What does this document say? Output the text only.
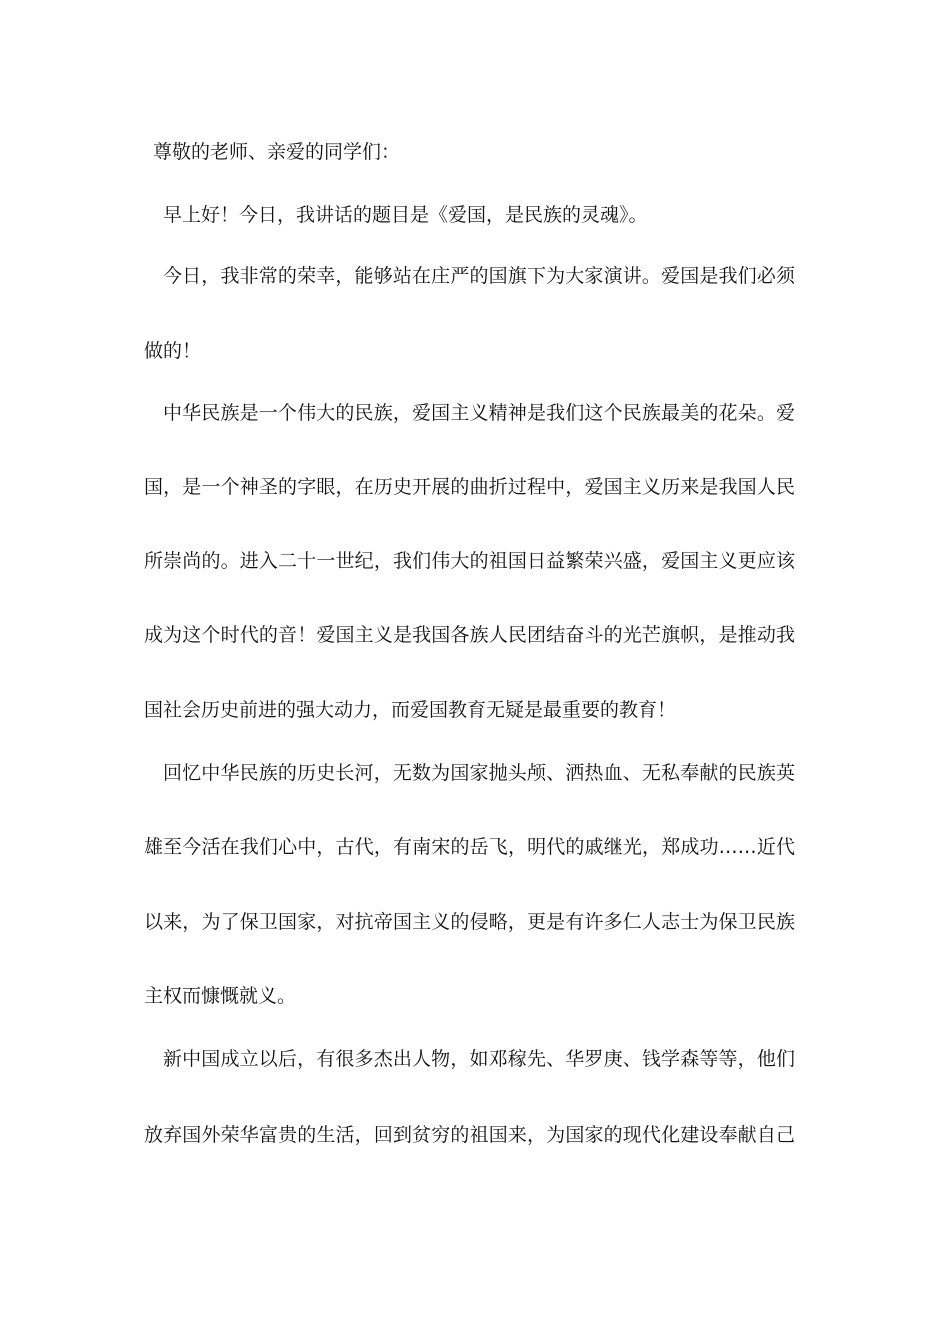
尊敬的老师、亲爱的同学们：
早上好！今日，我讲话的题目是《爱国，是民族的灵魂》。
今日，我非常的荣幸，能够站在庄严的国旗下为大家演讲。爱国是我们必须
做的！
中华民族是一个伟大的民族，爱国主义精神是我们这个民族最美的花朵。爱
国，是一个神圣的字眼，在历史开展的曲折过程中，爱国主义历来是我国人民
所崇尚的。进入二十一世纪，我们伟大的祖国日益繁荣兴盛，爱国主义更应该
成为这个时代的音！爱国主义是我国各族人民团结奋斗的光芒旗帜，是推动我
国社会历史前进的强大动力，而爱国教育无疑是最重要的教育！
回忆中华民族的历史长河，无数为国家抛头颅、洒热血、无私奉献的民族英
雄至今活在我们心中，古代，有南宋的岳飞，明代的戚继光，郑成功……近代
以来，为了保卫国家，对抗帝国主义的侵略，更是有许多仁人志士为保卫民族
主权而慷慨就义。
新中国成立以后，有很多杰出人物，如邓稼先、华罗庚、钱学森等等，他们
放弃国外荣华富贵的生活，回到贫穷的祖国来，为国家的现代化建设奉献自己
